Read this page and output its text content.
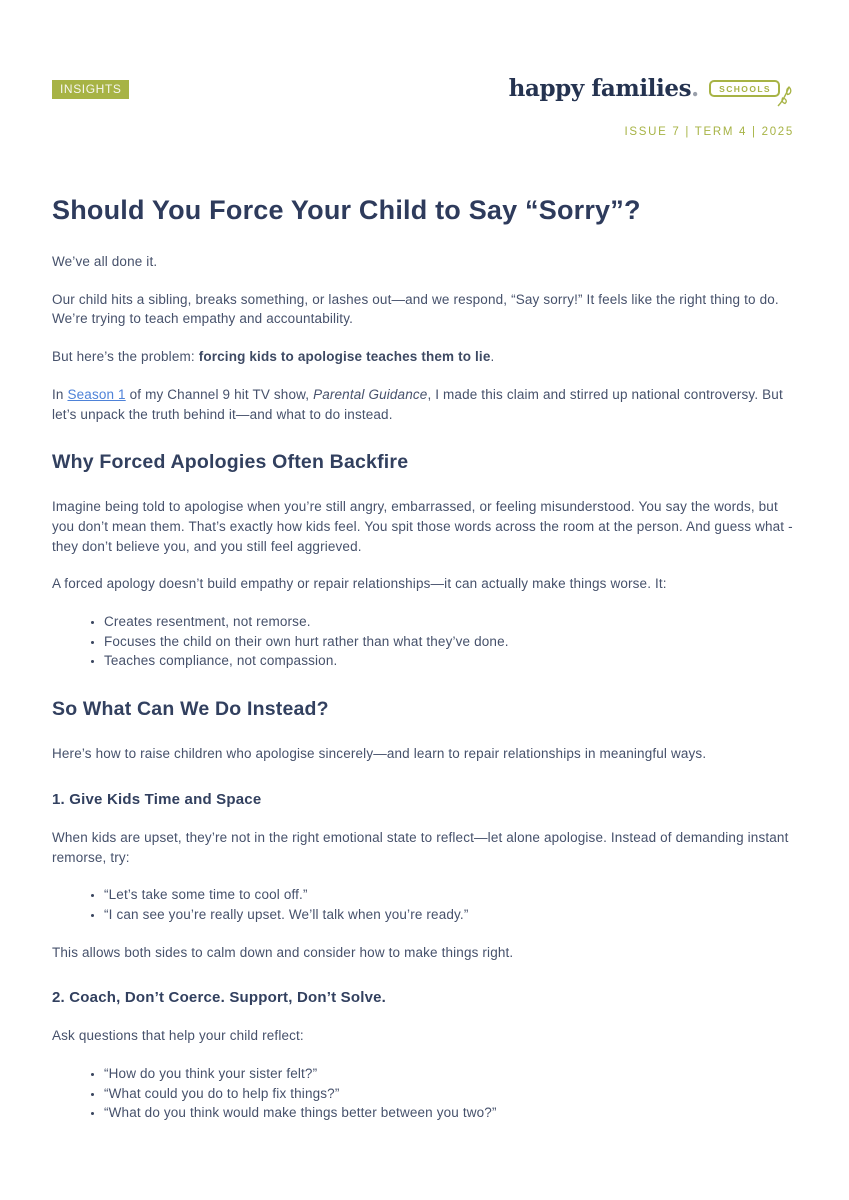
INSIGHTS	happy families .	SCHOOLS
ISSUE 7 | TERM 4 | 2025
Should You Force Your Child to Say “Sorry”?

We’ve all done it.

Our child hits a sibling, breaks something, or lashes out—and we respond, “Say sorry!” It feels like the right thing to do. We’re trying to teach empathy and accountability.

But here’s the problem: forcing kids to apologise teaches them to lie.

In Season 1 of my Channel 9 hit TV show, Parental Guidance, I made this claim and stirred up national controversy. But let’s unpack the truth behind it—and what to do instead.

Why Forced Apologies Often Backfire

Imagine being told to apologise when you’re still angry, embarrassed, or feeling misunderstood. You say the words, but you don’t mean them. That’s exactly how kids feel. You spit those words across the room at the person. And guess what - they don’t believe you, and you still feel aggrieved.

A forced apology doesn’t build empathy or repair relationships—it can actually make things worse. It:

• Creates resentment, not remorse.
• Focuses the child on their own hurt rather than what they’ve done.
• Teaches compliance, not compassion.
So What Can We Do Instead?

Here’s how to raise children who apologise sincerely—and learn to repair relationships in meaningful ways.

1. Give Kids Time and Space

When kids are upset, they’re not in the right emotional state to reflect—let alone apologise. Instead of demanding instant remorse, try:

• “Let’s take some time to cool off.”
• “I can see you’re really upset. We’ll talk when you’re ready.”

This allows both sides to calm down and consider how to make things right.

2. Coach, Don’t Coerce. Support, Don’t Solve.

Ask questions that help your child reflect:

• “How do you think your sister felt?”
• “What could you do to help fix things?”
• “What do you think would make things better between you two?”
